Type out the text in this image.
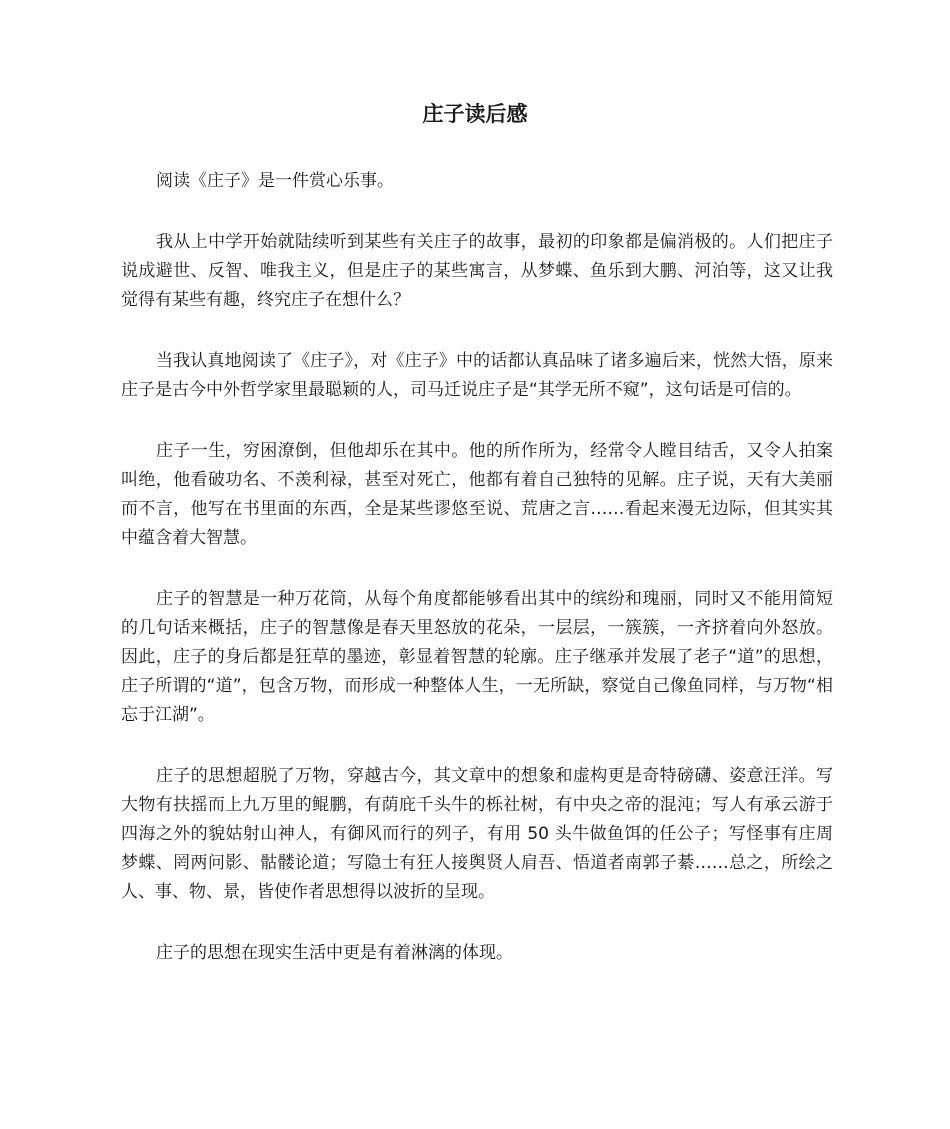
庄子读后感

阅读《庄子》是一件赏心乐事。

我从上中学开始就陆续听到某些有关庄子的故事，最初的印象都是偏消极的。人们把庄子说成避世、反智、唯我主义，但是庄子的某些寓言，从梦蝶、鱼乐到大鹏、河泊等，这又让我觉得有某些有趣，终究庄子在想什么？

当我认真地阅读了《庄子》，对《庄子》中的话都认真品味了诸多遍后来，恍然大悟，原来庄子是古今中外哲学家里最聪颖的人，司马迁说庄子是“其学无所不窥”，这句话是可信的。

庄子一生，穷困潦倒，但他却乐在其中。他的所作所为，经常令人瞠目结舌，又令人拍案叫绝，他看破功名、不羡利禄，甚至对死亡，他都有着自己独特的见解。庄子说，天有大美丽而不言，他写在书里面的东西，全是某些谬悠至说、荒唐之言……看起来漫无边际，但其实其中蕴含着大智慧。

庄子的智慧是一种万花筒，从每个角度都能够看出其中的缤纷和瑰丽，同时又不能用简短的几句话来概括，庄子的智慧像是春天里怒放的花朵，一层层，一簇簇，一齐挤着向外怒放。因此，庄子的身后都是狂草的墨迹，彰显着智慧的轮廓。庄子继承并发展了老子“道”的思想，庄子所谓的“道”，包含万物，而形成一种整体人生，一无所缺，察觉自己像鱼同样，与万物“相忘于江湖”。

庄子的思想超脱了万物，穿越古今，其文章中的想象和虚构更是奇特磅礴、姿意汪洋。写大物有扶摇而上九万里的鲲鹏，有荫庇千头牛的栎社树，有中央之帝的混沌；写人有承云游于四海之外的貌姑射山神人，有御风而行的列子，有用 50 头牛做鱼饵的任公子；写怪事有庄周梦蝶、罔两问影、骷髅论道；写隐士有狂人接舆贤人肩吾、悟道者南郭子綦……总之，所绘之人、事、物、景，皆使作者思想得以波折的呈现。

庄子的思想在现实生活中更是有着淋漓的体现。
